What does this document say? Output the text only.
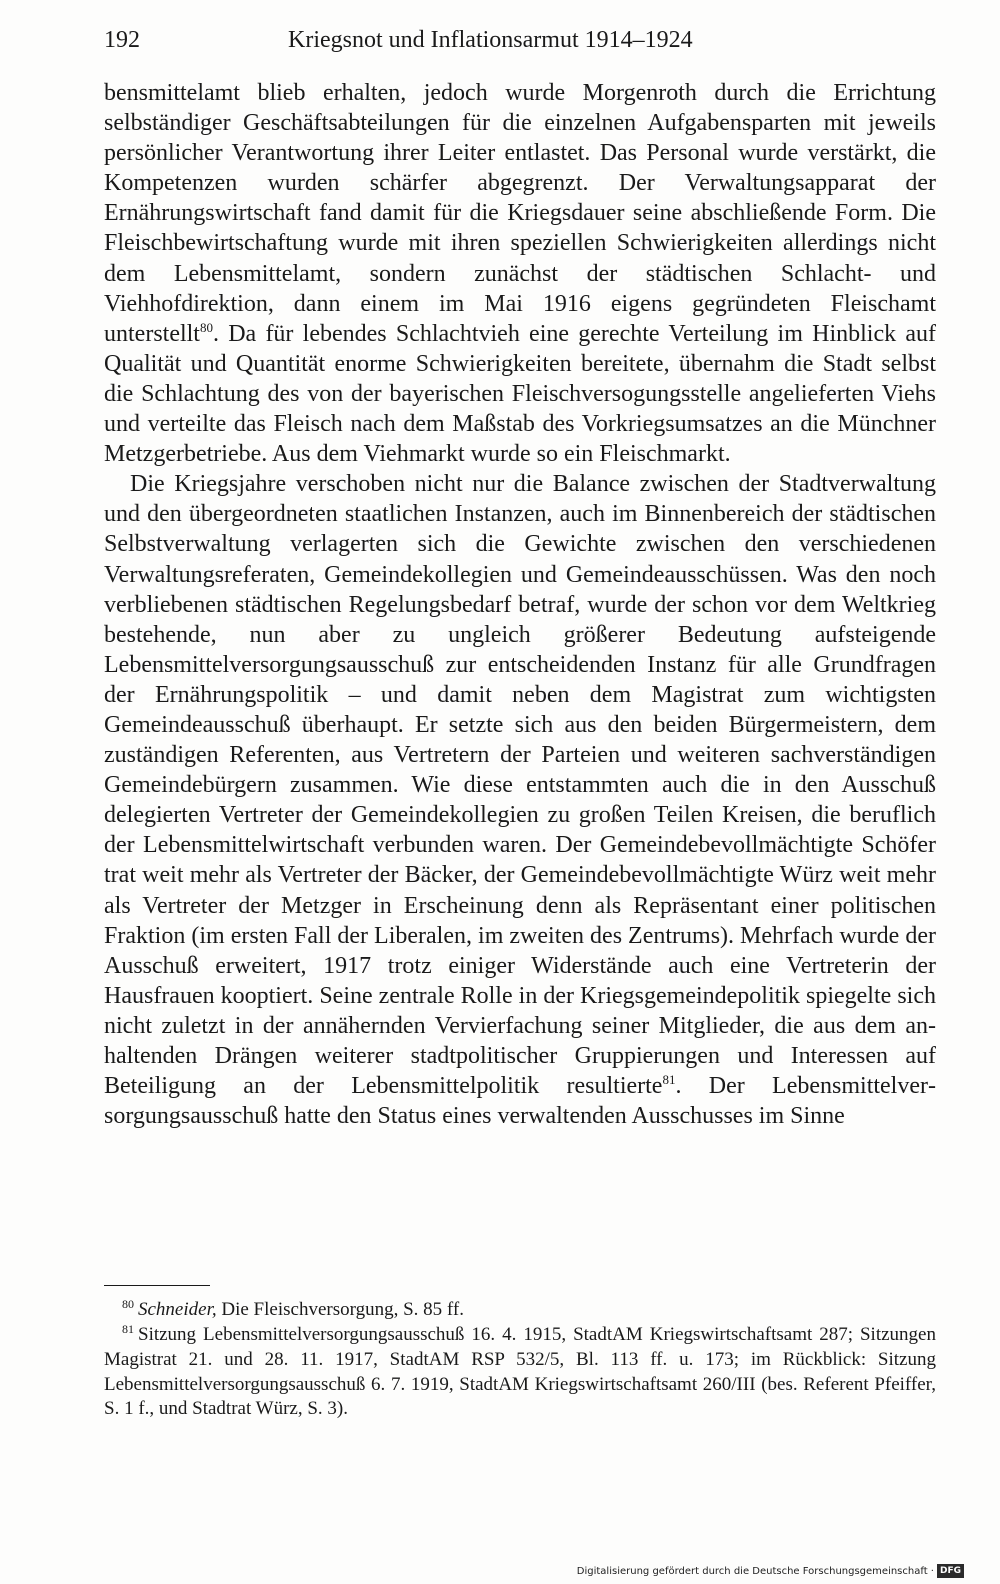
192	Kriegsnot und Inflationsarmut 1914–1924

bensmittelamt blieb erhalten, jedoch wurde Morgenroth durch die Errichtung selbständiger Geschäftsabteilungen für die einzelnen Aufgabensparten mit jeweils persönlicher Verantwortung ihrer Leiter entlastet. Das Personal wurde verstärkt, die Kompetenzen wurden schärfer abgegrenzt. Der Verwaltungsapparat der Ernährungswirtschaft fand damit für die Kriegsdauer seine abschließende Form. Die Fleischbewirtschaftung wurde mit ihren speziellen Schwierigkeiten allerdings nicht dem Lebensmittelamt, sondern zunächst der städtischen Schlacht- und Viehhofdirektion, dann einem im Mai 1916 eigens gegründeten Fleischamt unterstellt$^{80}$. Da für lebendes Schlachtvieh eine gerechte Verteilung im Hinblick auf Qualität und Quantität enorme Schwierigkeiten bereitete, übernahm die Stadt selbst die Schlachtung des von der bayerischen Fleischversogungsstelle angelieferten Viehs und verteilte das Fleisch nach dem Maßstab des Vorkriegsumsatzes an die Münchner Metzgerbetriebe. Aus dem Viehmarkt wurde so ein Fleischmarkt.

Die Kriegsjahre verschoben nicht nur die Balance zwischen der Stadtverwaltung und den übergeordneten staatlichen Instanzen, auch im Binnenbereich der städtischen Selbstverwaltung verlagerten sich die Gewichte zwischen den verschiedenen Verwaltungsreferaten, Gemeindekollegien und Gemeindeausschüssen. Was den noch verbliebenen städtischen Regelungsbedarf betraf, wurde der schon vor dem Weltkrieg bestehende, nun aber zu ungleich größerer Bedeutung aufsteigende Lebensmittelversorgungsausschuß zur entscheidenden Instanz für alle Grundfragen der Ernährungspolitik – und damit neben dem Magistrat zum wichtigsten Gemeindeausschuß überhaupt. Er setzte sich aus den beiden Bürgermeistern, dem zuständigen Referenten, aus Vertretern der Parteien und weiteren sachverständigen Gemeindebürgern zusammen. Wie diese entstammten auch die in den Ausschuß delegierten Vertreter der Gemeindekollegien zu großen Teilen Kreisen, die beruflich der Lebensmittelwirtschaft verbunden waren. Der Gemeindebevollmächtigte Schöfer trat weit mehr als Vertreter der Bäcker, der Gemeindebevollmächtigte Würz weit mehr als Vertreter der Metzger in Erscheinung denn als Repräsentant einer politischen Fraktion (im ersten Fall der Liberalen, im zweiten des Zentrums). Mehrfach wurde der Ausschuß erweitert, 1917 trotz einiger Widerstände auch eine Vertreterin der Hausfrauen kooptiert. Seine zentrale Rolle in der Kriegsgemeindepolitik spiegelte sich nicht zuletzt in der annähernden Vervierfachung seiner Mitglieder, die aus dem anhaltenden Drängen weiterer stadtpolitischer Gruppierungen und Interessen auf Beteiligung an der Lebensmittelpolitik resultierte$^{81}$. Der Lebensmittelversorgungsausschuß hatte den Status eines verwaltenden Ausschusses im Sinne

$^{80}$ Schneider, Die Fleischversorgung, S. 85 ff.

$^{81}$ Sitzung Lebensmittelversorgungsausschuß 16. 4. 1915, StadtAM Kriegswirtschaftsamt 287; Sitzungen Magistrat 21. und 28. 11. 1917, StadtAM RSP 532/5, Bl. 113 ff. u. 173; im Rückblick: Sitzung Lebensmittelversorgungsausschuß 6. 7. 1919, StadtAM Kriegswirtschaftsamt 260/III (bes. Referent Pfeiffer, S. 1 f., und Stadtrat Würz, S. 3).

Digitalisierung gefördert durch die Deutsche Forschungsgemeinschaft · DFG
